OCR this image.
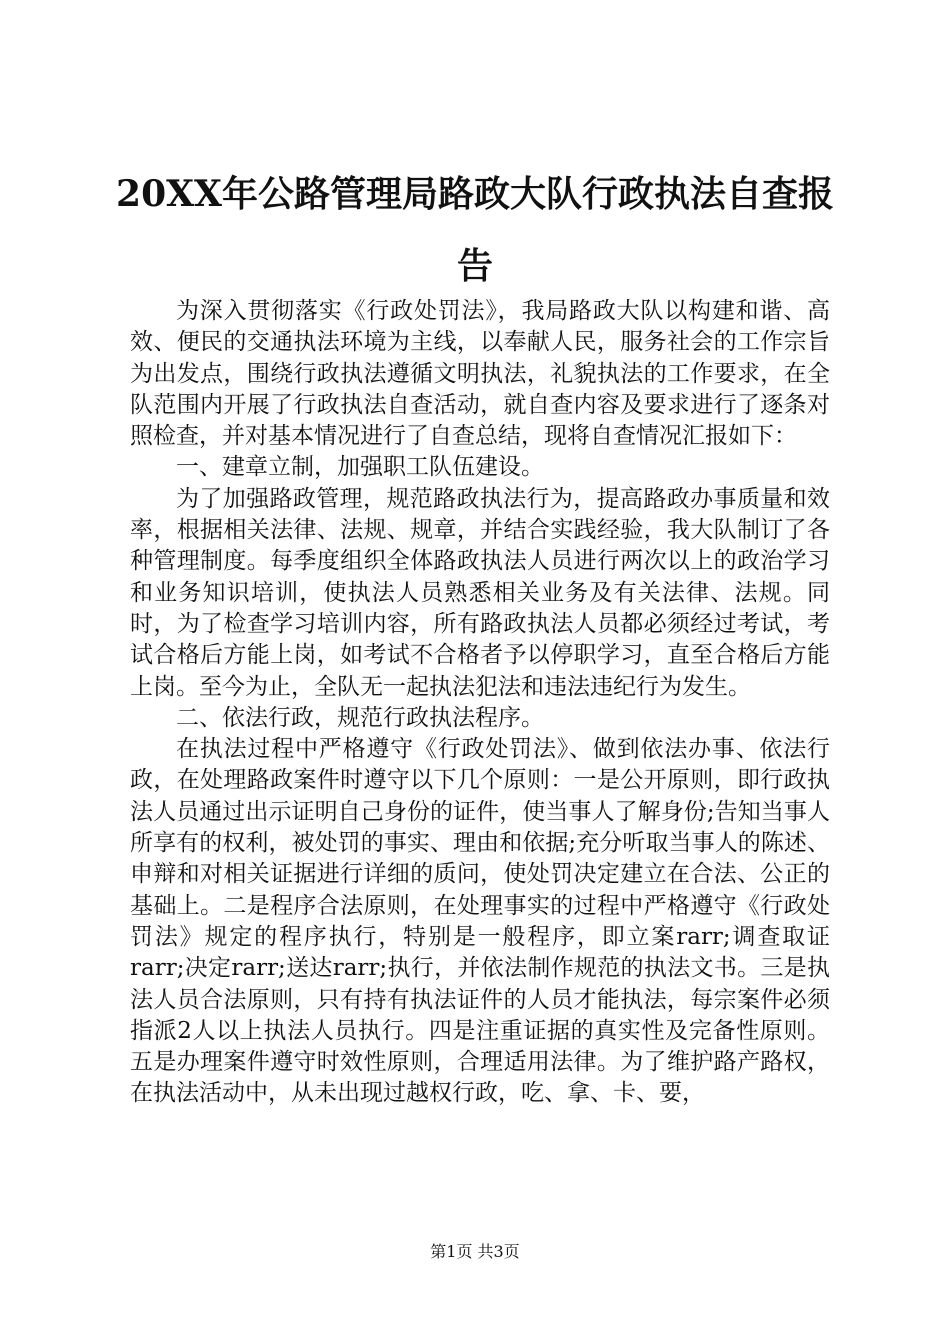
20XX年公路管理局路政大队行政执法自查报告

为深入贯彻落实《行政处罚法》，我局路政大队以构建和谐、高效、便民的交通执法环境为主线，以奉献人民，服务社会的工作宗旨为出发点，围绕行政执法遵循文明执法，礼貌执法的工作要求，在全队范围内开展了行政执法自查活动，就自查内容及要求进行了逐条对照检查，并对基本情况进行了自查总结，现将自查情况汇报如下：

一、建章立制，加强职工队伍建设。

为了加强路政管理，规范路政执法行为，提高路政办事质量和效率，根据相关法律、法规、规章，并结合实践经验，我大队制订了各种管理制度。每季度组织全体路政执法人员进行两次以上的政治学习和业务知识培训，使执法人员熟悉相关业务及有关法律、法规。同时，为了检查学习培训内容，所有路政执法人员都必须经过考试，考试合格后方能上岗，如考试不合格者予以停职学习，直至合格后方能上岗。至今为止，全队无一起执法犯法和违法违纪行为发生。

二、依法行政，规范行政执法程序。

在执法过程中严格遵守《行政处罚法》、做到依法办事、依法行政，在处理路政案件时遵守以下几个原则：一是公开原则，即行政执法人员通过出示证明自己身份的证件，使当事人了解身份;告知当事人所享有的权利，被处罚的事实、理由和依据;充分听取当事人的陈述、申辩和对相关证据进行详细的质问，使处罚决定建立在合法、公正的基础上。二是程序合法原则，在处理事实的过程中严格遵守《行政处罚法》规定的程序执行，特别是一般程序，即立案rarr;调查取证rarr;决定rarr;送达rarr;执行，并依法制作规范的执法文书。三是执法人员合法原则，只有持有执法证件的人员才能执法，每宗案件必须指派2人以上执法人员执行。四是注重证据的真实性及完备性原则。五是办理案件遵守时效性原则，合理适用法律。为了维护路产路权，在执法活动中，从未出现过越权行政，吃、拿、卡、要，

第1页 共3页
